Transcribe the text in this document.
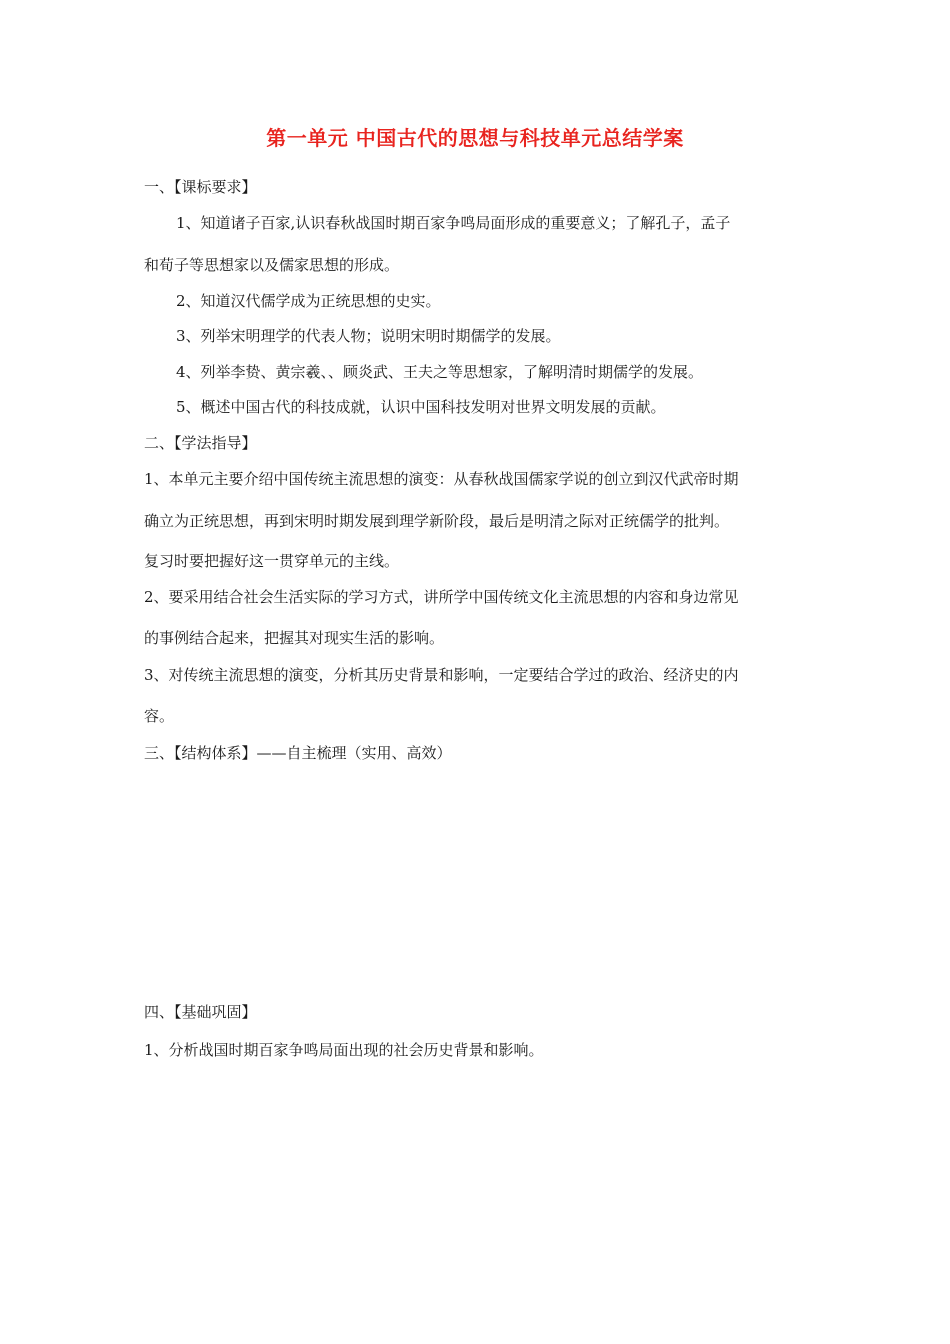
第一单元 中国古代的思想与科技单元总结学案
一、【课标要求】
1、知道诸子百家,认识春秋战国时期百家争鸣局面形成的重要意义；了解孔子，孟子
和荀子等思想家以及儒家思想的形成。
2、知道汉代儒学成为正统思想的史实。
3、列举宋明理学的代表人物；说明宋明时期儒学的发展。
4、列举李贽、黄宗羲、、顾炎武、王夫之等思想家，了解明清时期儒学的发展。
5、概述中国古代的科技成就，认识中国科技发明对世界文明发展的贡献。
二、【学法指导】
1、本单元主要介绍中国传统主流思想的演变：从春秋战国儒家学说的创立到汉代武帝时期
确立为正统思想，再到宋明时期发展到理学新阶段，最后是明清之际对正统儒学的批判。
复习时要把握好这一贯穿单元的主线。
2、要采用结合社会生活实际的学习方式，讲所学中国传统文化主流思想的内容和身边常见
的事例结合起来，把握其对现实生活的影响。
3、对传统主流思想的演变，分析其历史背景和影响，一定要结合学过的政治、经济史的内
容。
三、【结构体系】——自主梳理（实用、高效）
四、【基础巩固】
1、分析战国时期百家争鸣局面出现的社会历史背景和影响。
